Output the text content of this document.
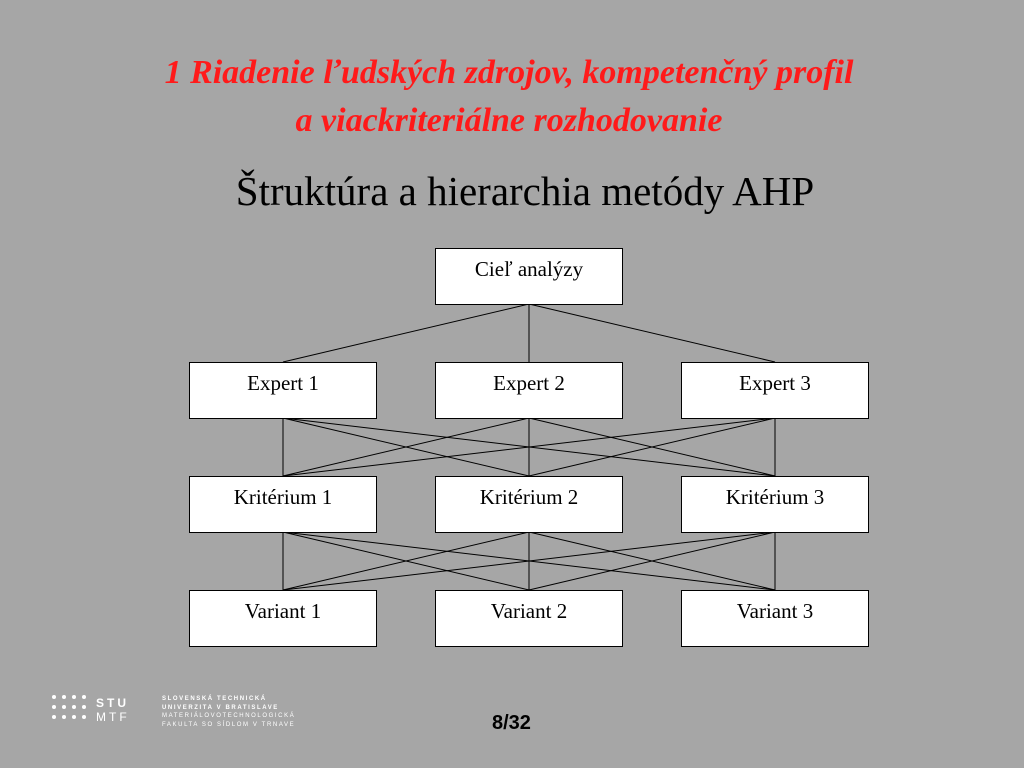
1 Riadenie ľudských zdrojov, kompetenčný profil
a viackriteriálne rozhodovanie
Štruktúra a hierarchia metódy AHP
Cieľ analýzy
Expert 1	Expert 2	Expert 3
Kritérium 1	Kritérium 2	Kritérium 3
Variant 1	Variant 2	Variant 3
STU
MTF
SLOVENSKÁ TECHNICKÁ
UNIVERZITA V BRATISLAVE
MATERIÁLOVOTECHNOLOGICKÁ
FAKULTA SO SÍDLOM V TRNAVE	8/32
